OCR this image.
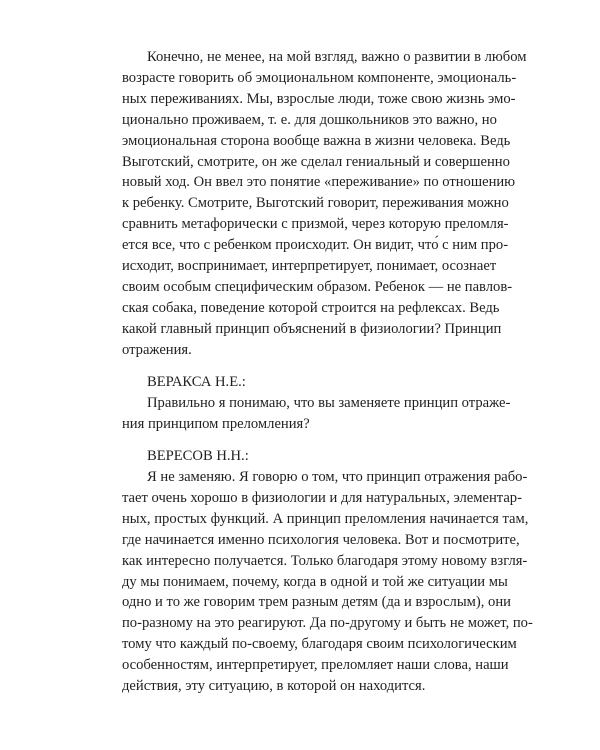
Конечно, не менее, на мой взгляд, важно о развитии в любом
возрасте говорить об эмоциональном компоненте, эмоциональ-
ных переживаниях. Мы, взрослые люди, тоже свою жизнь эмо-
ционально проживаем, т. е. для дошкольников это важно, но
эмоциональная сторона вообще важна в жизни человека. Ведь
Выготский, смотрите, он же сделал гениальный и совершенно
новый ход. Он ввел это понятие «переживание» по отношению
к ребенку. Смотрите, Выготский говорит, переживания можно
сравнить метафорически с призмой, через которую преломля-
ется все, что с ребенком происходит. Он видит, что́ с ним про-
исходит, воспринимает, интерпретирует, понимает, осознает
своим особым специфическим образом. Ребенок — не павлов-
ская собака, поведение которой строится на рефлексах. Ведь
какой главный принцип объяснений в физиологии? Принцип
отражения.
ВЕРАКСА Н.Е.:
Правильно я понимаю, что вы заменяете принцип отраже-
ния принципом преломления?
ВЕРЕСОВ Н.Н.:
Я не заменяю. Я говорю о том, что принцип отражения рабо-
тает очень хорошо в физиологии и для натуральных, элементар-
ных, простых функций. А принцип преломления начинается там,
где начинается именно психология человека. Вот и посмотрите,
как интересно получается. Только благодаря этому новому взгля-
ду мы понимаем, почему, когда в одной и той же ситуации мы
одно и то же говорим трем разным детям (да и взрослым), они
по-разному на это реагируют. Да по-другому и быть не может, по-
тому что каждый по-своему, благодаря своим психологическим
особенностям, интерпретирует, преломляет наши слова, наши
действия, эту ситуацию, в которой он находится.
